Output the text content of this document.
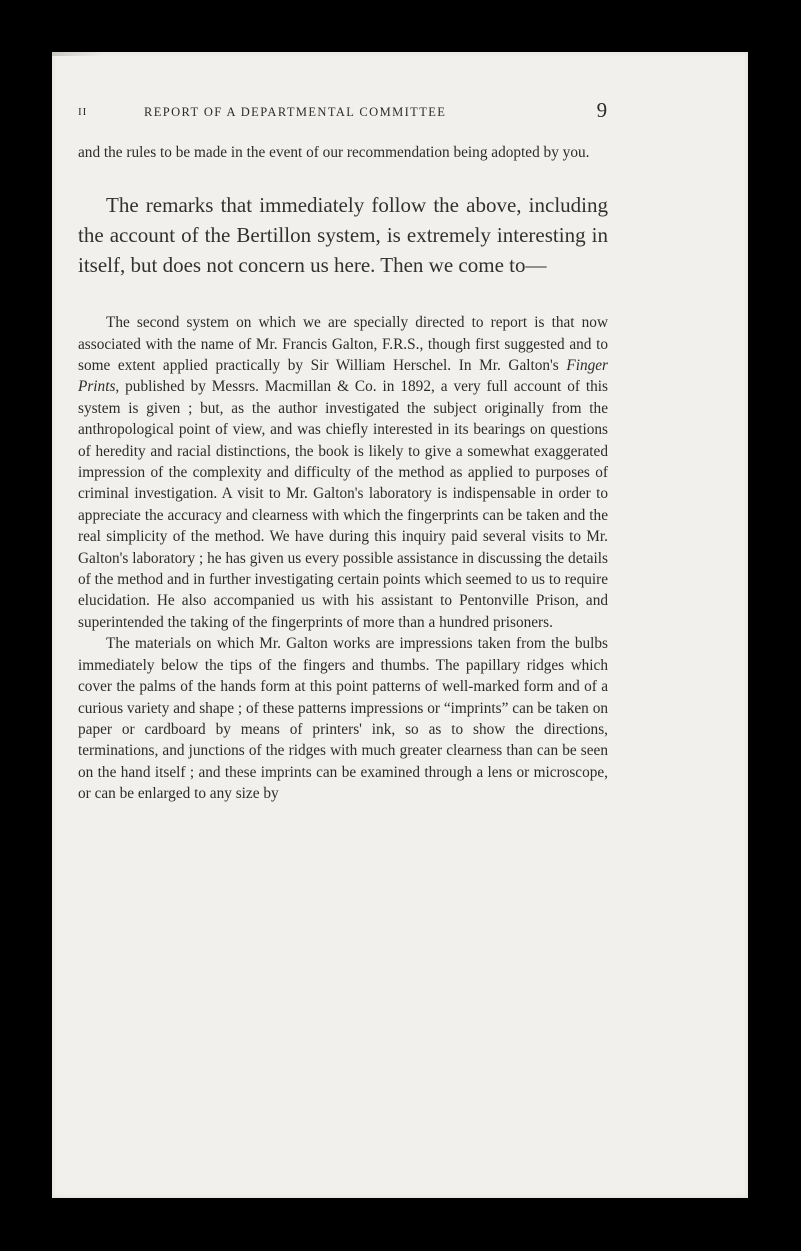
II	REPORT OF A DEPARTMENTAL COMMITTEE	9

and the rules to be made in the event of our recommendation being adopted by you.

The remarks that immediately follow the above, including the account of the Bertillon system, is extremely interesting in itself, but does not concern us here. Then we come to—

The second system on which we are specially directed to report is that now associated with the name of Mr. Francis Galton, F.R.S., though first suggested and to some extent applied practically by Sir William Herschel. In Mr. Galton's Finger Prints, published by Messrs. Macmillan & Co. in 1892, a very full account of this system is given ; but, as the author investigated the subject originally from the anthropological point of view, and was chiefly interested in its bearings on questions of heredity and racial distinctions, the book is likely to give a somewhat exaggerated impression of the complexity and difficulty of the method as applied to purposes of criminal investigation. A visit to Mr. Galton's laboratory is indispensable in order to appreciate the accuracy and clearness with which the fingerprints can be taken and the real simplicity of the method. We have during this inquiry paid several visits to Mr. Galton's laboratory ; he has given us every possible assistance in discussing the details of the method and in further investigating certain points which seemed to us to require elucidation. He also accompanied us with his assistant to Pentonville Prison, and superintended the taking of the fingerprints of more than a hundred prisoners.

The materials on which Mr. Galton works are impressions taken from the bulbs immediately below the tips of the fingers and thumbs. The papillary ridges which cover the palms of the hands form at this point patterns of well-marked form and of a curious variety and shape ; of these patterns impressions or “imprints” can be taken on paper or cardboard by means of printers' ink, so as to show the directions, terminations, and junctions of the ridges with much greater clearness than can be seen on the hand itself ; and these imprints can be examined through a lens or microscope, or can be enlarged to any size by
